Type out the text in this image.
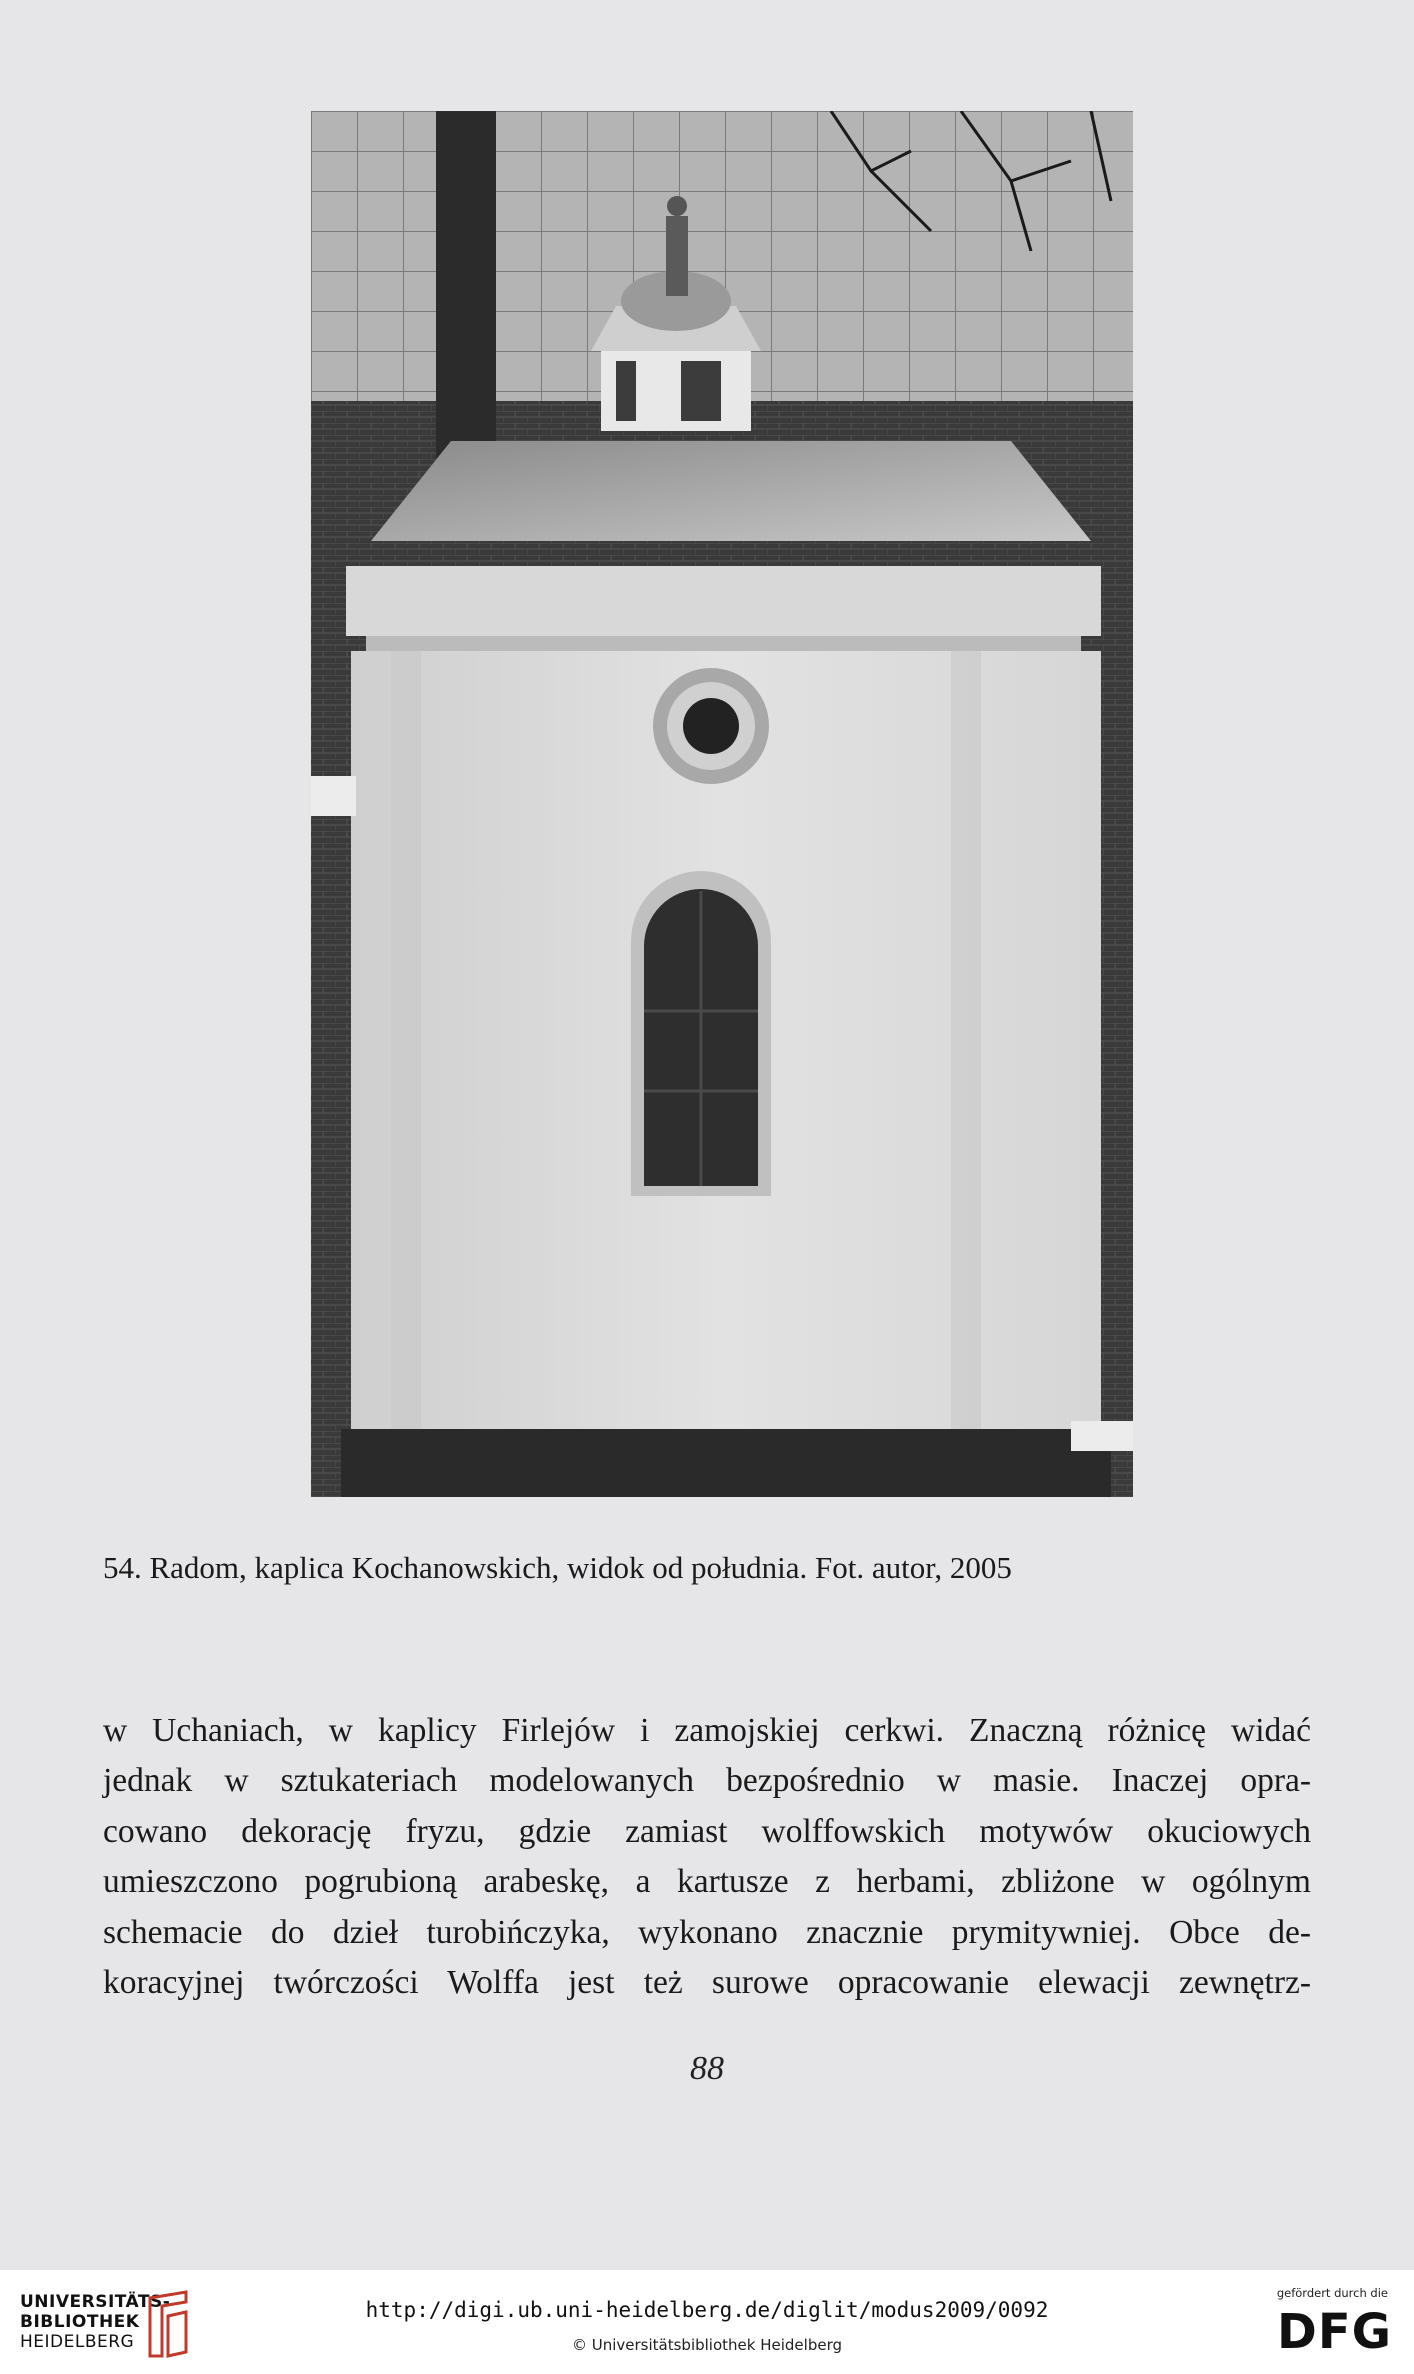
54. Radom, kaplica Kochanowskich, widok od południa. Fot. autor, 2005
w Uchaniach, w kaplicy Firlejów i zamojskiej cerkwi. Znaczną różnicę widać
jednak w sztukateriach modelowanych bezpośrednio w masie. Inaczej opra-
cowano dekorację fryzu, gdzie zamiast wolffowskich motywów okuciowych
umieszczono pogrubioną arabeskę, a kartusze z herbami, zbliżone w ogólnym
schemacie do dzieł turobińczyka, wykonano znacznie prymitywniej. Obce de-
koracyjnej twórczości Wolffa jest też surowe opracowanie elewacji zewnętrz-
88
UNIVERSITÄTS-
BIBLIOTHEK
HEIDELBERG
http://digi.ub.uni-heidelberg.de/diglit/modus2009/0092
© Universitätsbibliothek Heidelberg
gefördert durch die
DFG
